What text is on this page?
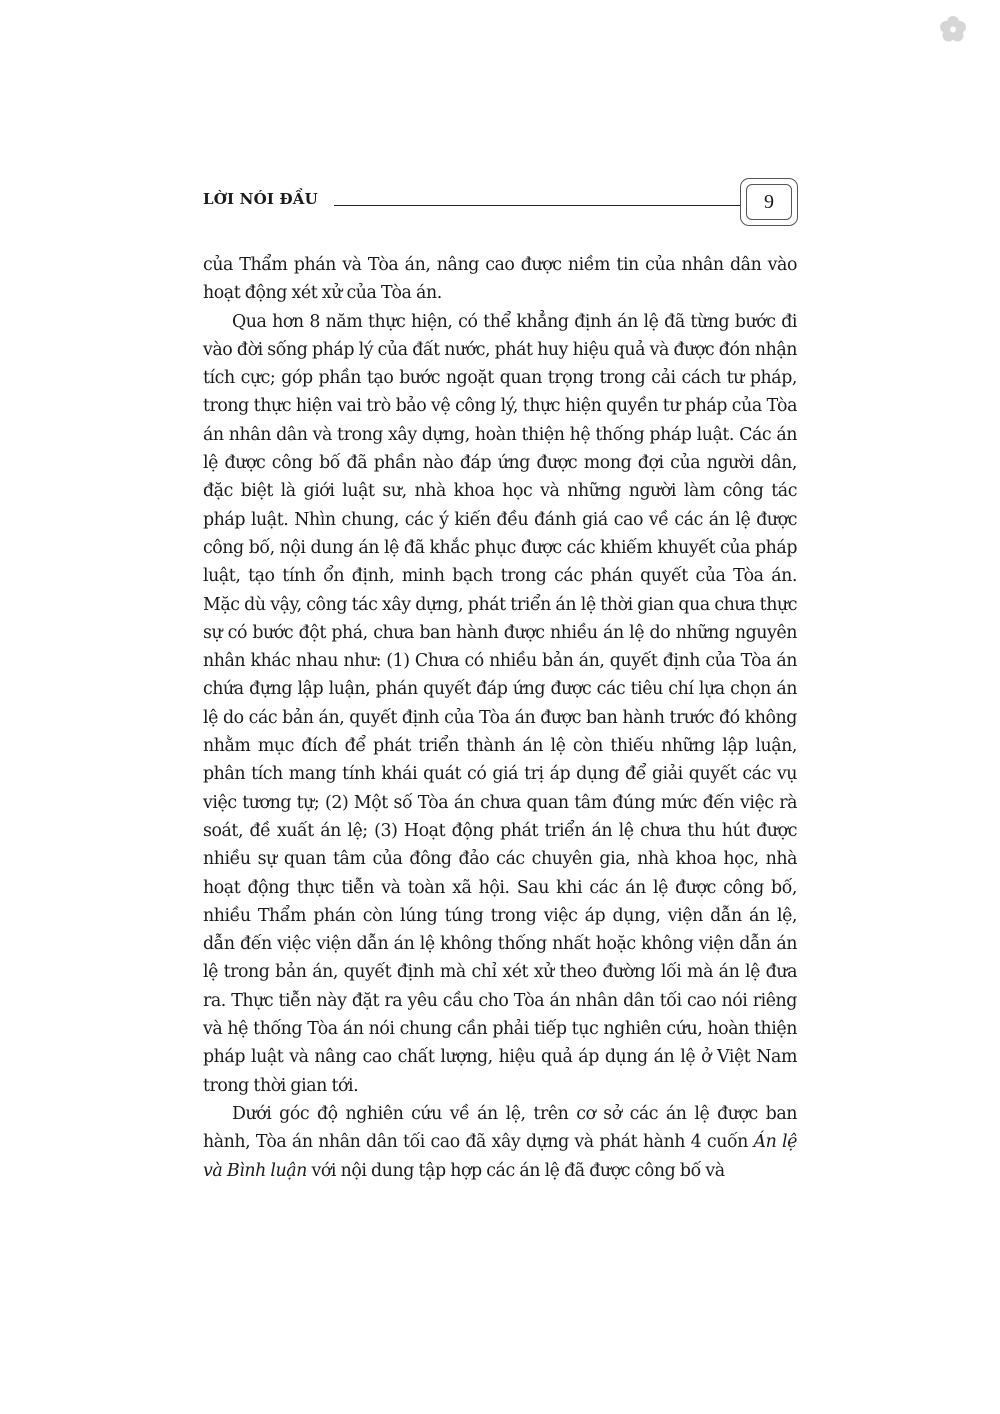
LỜI NÓI ĐẦU	9

của Thẩm phán và Tòa án, nâng cao được niềm tin của nhân dân vào hoạt động xét xử của Tòa án.

Qua hơn 8 năm thực hiện, có thể khẳng định án lệ đã từng bước đi vào đời sống pháp lý của đất nước, phát huy hiệu quả và được đón nhận tích cực; góp phần tạo bước ngoặt quan trọng trong cải cách tư pháp, trong thực hiện vai trò bảo vệ công lý, thực hiện quyền tư pháp của Tòa án nhân dân và trong xây dựng, hoàn thiện hệ thống pháp luật. Các án lệ được công bố đã phần nào đáp ứng được mong đợi của người dân, đặc biệt là giới luật sư, nhà khoa học và những người làm công tác pháp luật. Nhìn chung, các ý kiến đều đánh giá cao về các án lệ được công bố, nội dung án lệ đã khắc phục được các khiếm khuyết của pháp luật, tạo tính ổn định, minh bạch trong các phán quyết của Tòa án. Mặc dù vậy, công tác xây dựng, phát triển án lệ thời gian qua chưa thực sự có bước đột phá, chưa ban hành được nhiều án lệ do những nguyên nhân khác nhau như: (1) Chưa có nhiều bản án, quyết định của Tòa án chứa đựng lập luận, phán quyết đáp ứng được các tiêu chí lựa chọn án lệ do các bản án, quyết định của Tòa án được ban hành trước đó không nhằm mục đích để phát triển thành án lệ còn thiếu những lập luận, phân tích mang tính khái quát có giá trị áp dụng để giải quyết các vụ việc tương tự; (2) Một số Tòa án chưa quan tâm đúng mức đến việc rà soát, đề xuất án lệ; (3) Hoạt động phát triển án lệ chưa thu hút được nhiều sự quan tâm của đông đảo các chuyên gia, nhà khoa học, nhà hoạt động thực tiễn và toàn xã hội. Sau khi các án lệ được công bố, nhiều Thẩm phán còn lúng túng trong việc áp dụng, viện dẫn án lệ, dẫn đến việc viện dẫn án lệ không thống nhất hoặc không viện dẫn án lệ trong bản án, quyết định mà chỉ xét xử theo đường lối mà án lệ đưa ra. Thực tiễn này đặt ra yêu cầu cho Tòa án nhân dân tối cao nói riêng và hệ thống Tòa án nói chung cần phải tiếp tục nghiên cứu, hoàn thiện pháp luật và nâng cao chất lượng, hiệu quả áp dụng án lệ ở Việt Nam trong thời gian tới.

Dưới góc độ nghiên cứu về án lệ, trên cơ sở các án lệ được ban hành, Tòa án nhân dân tối cao đã xây dựng và phát hành 4 cuốn Án lệ và Bình luận với nội dung tập hợp các án lệ đã được công bố và
